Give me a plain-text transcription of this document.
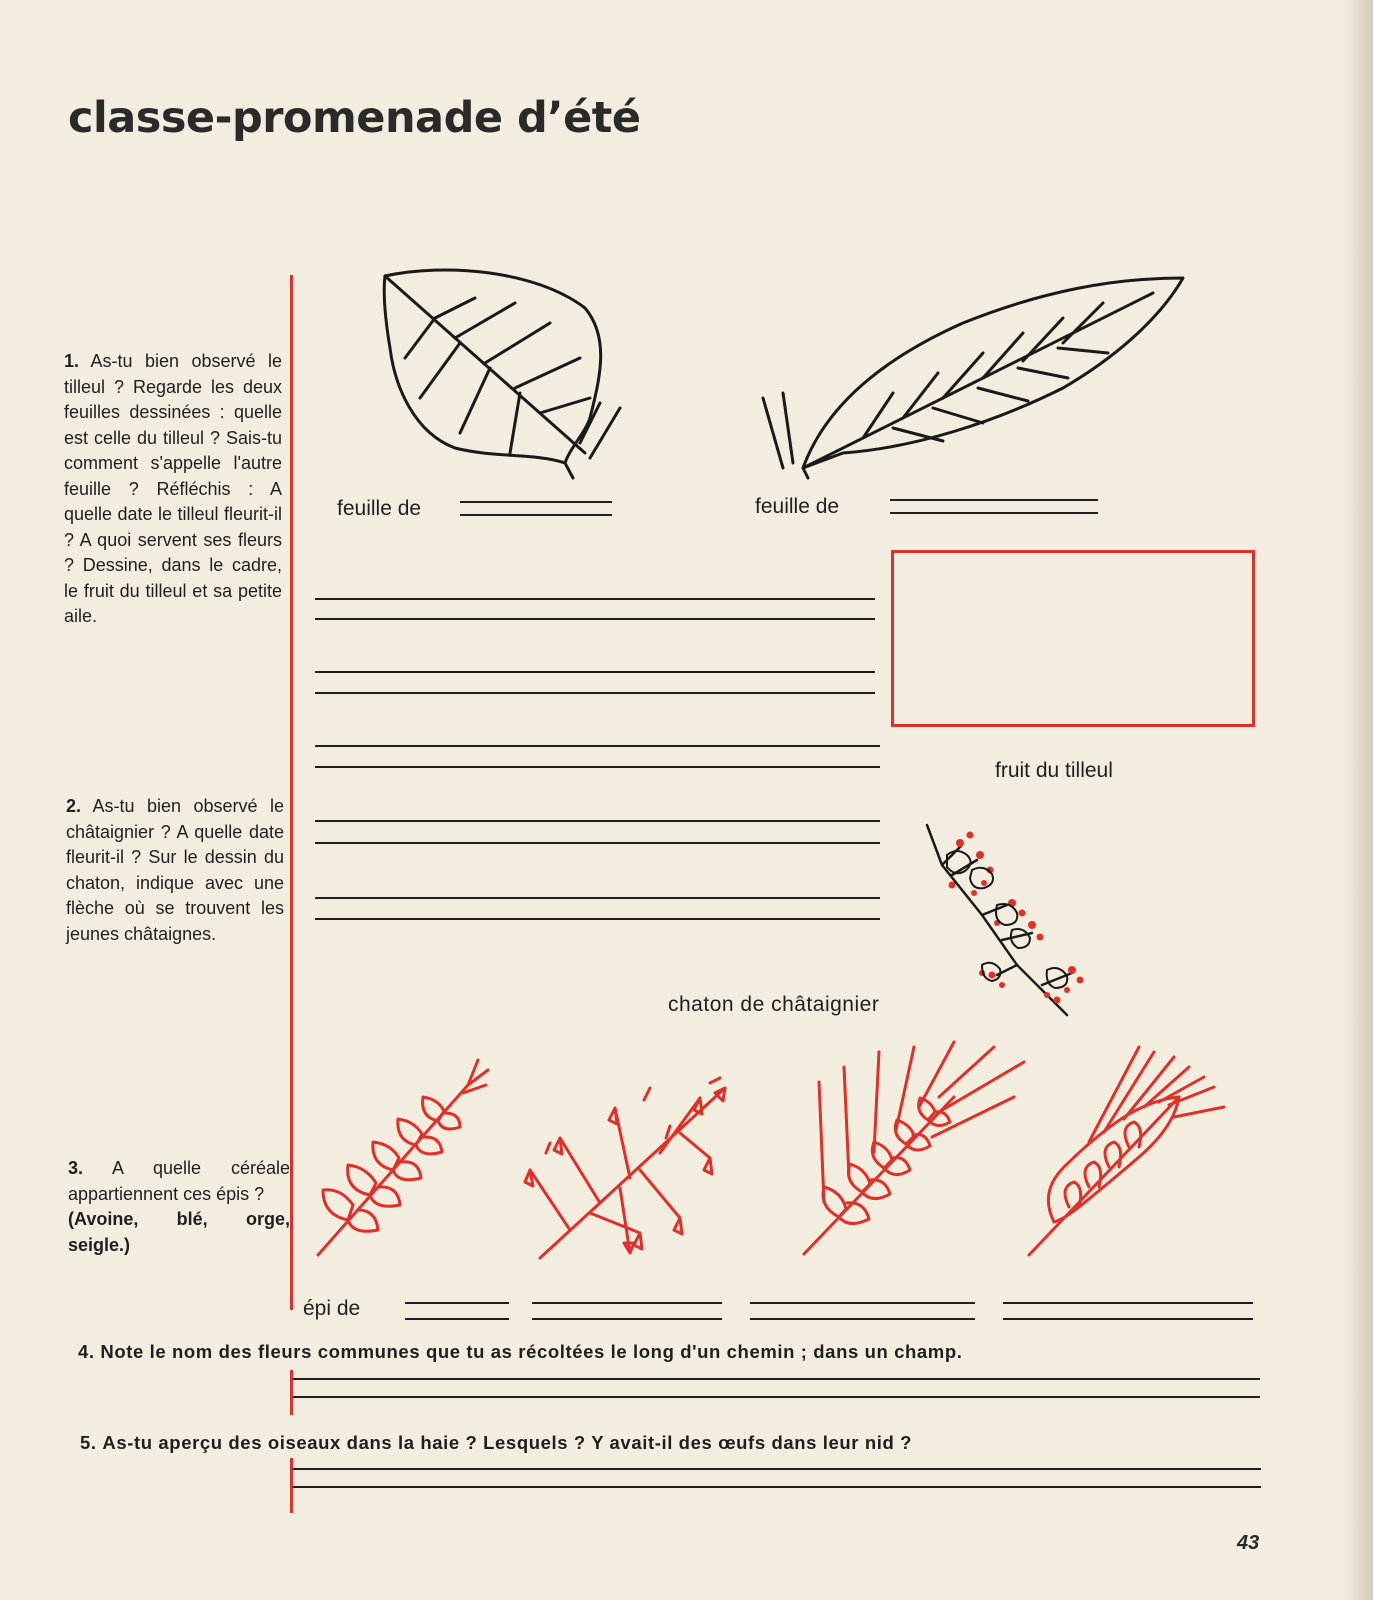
classe-promenade d’été
1. As-tu bien observé le tilleul ? Regarde les deux feuilles dessinées : quelle est celle du tilleul ? Sais-tu comment s'appelle l'autre feuille ? Réfléchis : A quelle date le tilleul fleurit-il ? A quoi servent ses fleurs ? Dessine, dans le cadre, le fruit du tilleul et sa petite aile.
2. As-tu bien observé le châtaignier ? A quelle date fleurit-il ? Sur le dessin du chaton, indique avec une flèche où se trouvent les jeunes châtaignes.
3. A quelle céréale appartiennent ces épis ?
(Avoine, blé, orge, seigle.)
feuille de	feuille de
fruit du tilleul
chaton de châtaignier
épi de
4. Note le nom des fleurs communes que tu as récoltées le long d'un chemin ; dans un champ.
5. As-tu aperçu des oiseaux dans la haie ? Lesquels ? Y avait-il des œufs dans leur nid ?
43
